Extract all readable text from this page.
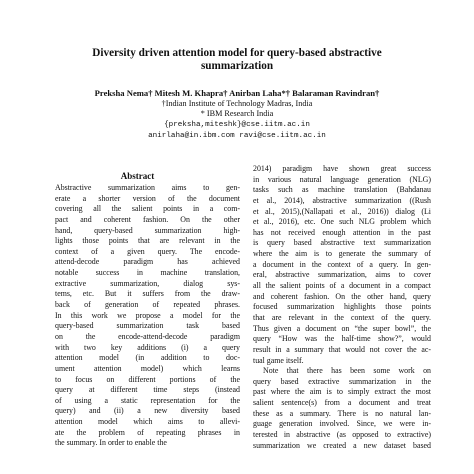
Diversity driven attention model for query-based abstractive
summarization
Preksha Nema† Mitesh M. Khapra† Anirban Laha*† Balaraman Ravindran†
†Indian Institute of Technology Madras, India
* IBM Research India
{preksha,miteshk}@cse.iitm.ac.in
anirlaha@in.ibm.com ravi@cse.iitm.ac.in
Abstract
Abstractive summarization aims to gen-
erate a shorter version of the document
covering all the salient points in a com-
pact and coherent fashion. On the other
hand, query-based summarization high-
lights those points that are relevant in the
context of a given query. The encode-
attend-decode paradigm has achieved
notable success in machine translation,
extractive summarization, dialog sys-
tems, etc. But it suffers from the draw-
back of generation of repeated phrases.
In this work we propose a model for the
query-based summarization task based
on the encode-attend-decode paradigm
with two key additions (i) a query
attention model (in addition to doc-
ument attention model) which learns
to focus on different portions of the
query at different time steps (instead
of using a static representation for the
query) and (ii) a new diversity based
attention model which aims to allevi-
ate the problem of repeating phrases in
the summary. In order to enable the
2014) paradigm have shown great success
in various natural language generation (NLG)
tasks such as machine translation (Bahdanau
et al., 2014), abstractive summarization ((Rush
et al., 2015),(Nallapati et al., 2016)) dialog (Li
et al., 2016), etc. One such NLG problem which
has not received enough attention in the past
is query based abstractive text summarization
where the aim is to generate the summary of
a document in the context of a query. In gen-
eral, abstractive summarization, aims to cover
all the salient points of a document in a compact
and coherent fashion. On the other hand, query
focused summarization highlights those points
that are relevant in the context of the query.
Thus given a document on “the super bowl”, the
query “How was the half-time show?”, would
result in a summary that would not cover the ac-
tual game itself.
Note that there has been some work on
query based extractive summarization in the
past where the aim is to simply extract the most
salient sentence(s) from a document and treat
these as a summary. There is no natural lan-
guage generation involved. Since, we were in-
terested in abstractive (as opposed to extractive)
summarization we created a new dataset based
